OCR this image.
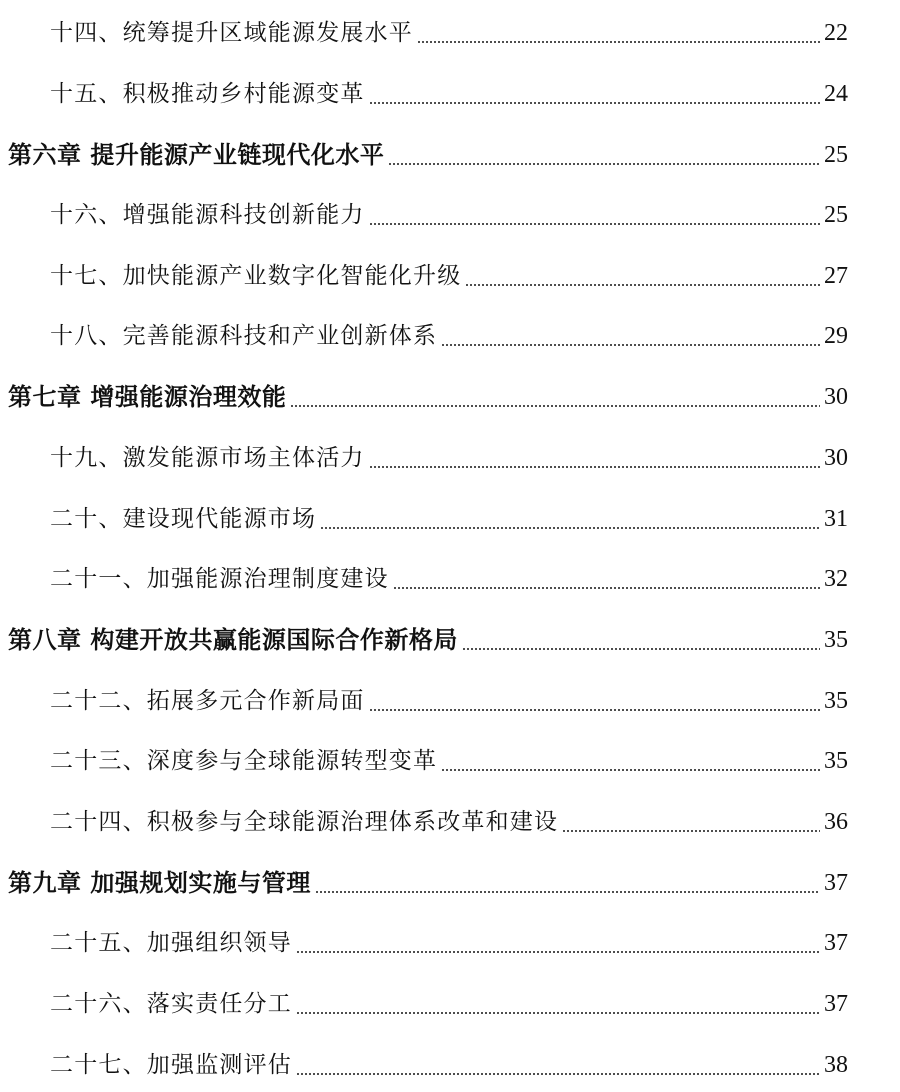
十四、统筹提升区域能源发展水平	22
十五、积极推动乡村能源变革	24
第六章 提升能源产业链现代化水平	25
十六、增强能源科技创新能力	25
十七、加快能源产业数字化智能化升级	27
十八、完善能源科技和产业创新体系	29
第七章 增强能源治理效能	30
十九、激发能源市场主体活力	30
二十、建设现代能源市场	31
二十一、加强能源治理制度建设	32
第八章 构建开放共赢能源国际合作新格局	35
二十二、拓展多元合作新局面	35
二十三、深度参与全球能源转型变革	35
二十四、积极参与全球能源治理体系改革和建设	36
第九章 加强规划实施与管理	37
二十五、加强组织领导	37
二十六、落实责任分工	37
二十七、加强监测评估	38
